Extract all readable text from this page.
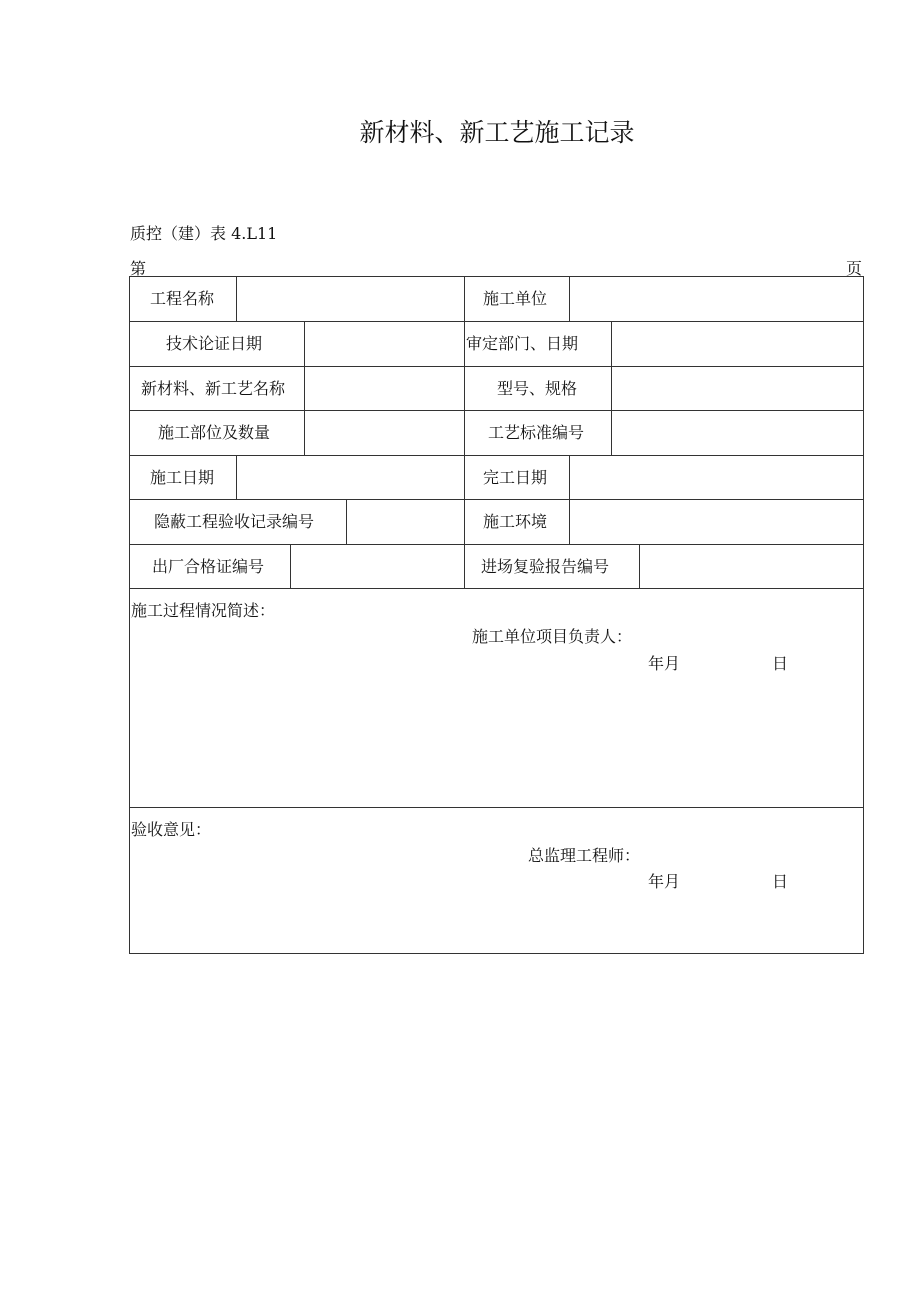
新材料、新工艺施工记录
质控（建）表 4.L11
第	页
工程名称	施工单位
技术论证日期	审定部门、日期
新材料、新工艺名称	型号、规格
施工部位及数量	工艺标准编号
施工日期	完工日期
隐蔽工程验收记录编号	施工环境
出厂合格证编号	进场复验报告编号
施工过程情况简述：
施工单位项目负责人：
年月	日
验收意见：
总监理工程师：
年月	日
